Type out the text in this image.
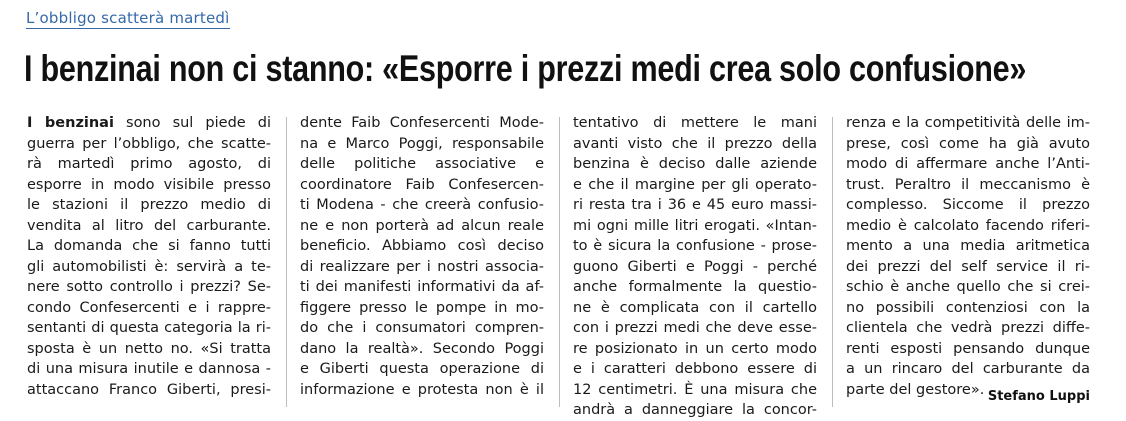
L’obbligo scatterà martedì
I benzinai non ci stanno: «Esporre i prezzi medi crea solo confusione»
I benzinai sono sul piede di
guerra per l’obbligo, che scatte-
rà martedì primo agosto, di
esporre in modo visibile presso
le stazioni il prezzo medio di
vendita al litro del carburante.
La domanda che si fanno tutti
gli automobilisti è: servirà a te-
nere sotto controllo i prezzi? Se-
condo Confesercenti e i rappre-
sentanti di questa categoria la ri-
sposta è un netto no. «Si tratta
di una misura inutile e dannosa -
attaccano Franco Giberti, presi-
dente Faib Confesercenti Mode-
na e Marco Poggi, responsabile
delle politiche associative e
coordinatore Faib Confesercen-
ti Modena - che creerà confusio-
ne e non porterà ad alcun reale
beneficio. Abbiamo così deciso
di realizzare per i nostri associa-
ti dei manifesti informativi da af-
figgere presso le pompe in mo-
do che i consumatori compren-
dano la realtà». Secondo Poggi
e Giberti questa operazione di
informazione e protesta non è il
tentativo di mettere le mani
avanti visto che il prezzo della
benzina è deciso dalle aziende
e che il margine per gli operato-
ri resta tra i 36 e 45 euro massi-
mi ogni mille litri erogati. «Intan-
to è sicura la confusione - prose-
guono Giberti e Poggi - perché
anche formalmente la questio-
ne è complicata con il cartello
con i prezzi medi che deve esse-
re posizionato in un certo modo
e i caratteri debbono essere di
12 centimetri. È una misura che
andrà a danneggiare la concor-
renza e la competitività delle im-
prese, così come ha già avuto
modo di affermare anche l’Anti-
trust. Peraltro il meccanismo è
complesso. Siccome il prezzo
medio è calcolato facendo riferi-
mento a una media aritmetica
dei prezzi del self service il ri-
schio è anche quello che si crei-
no possibili contenziosi con la
clientela che vedrà prezzi diffe-
renti esposti pensando dunque
a un rincaro del carburante da
parte del gestore». Stefano Luppi
